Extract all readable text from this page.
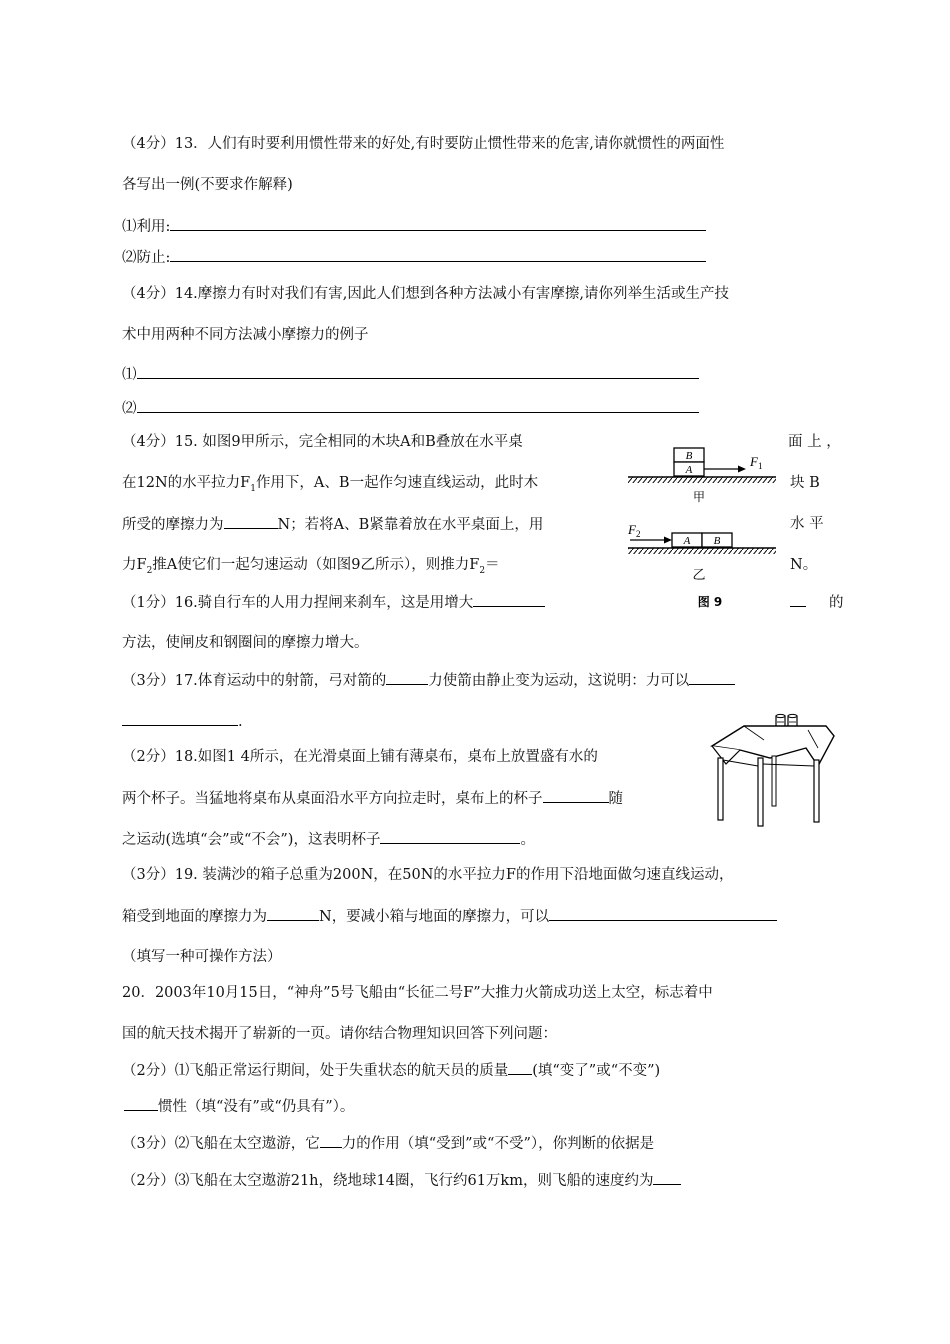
（4分）13．人们有时要利用惯性带来的好处,有时要防止惯性带来的危害,请你就惯性的两面性
各写出一例(不要求作解释)
⑴利用:
⑵防止:
（4分）14.摩擦力有时对我们有害,因此人们想到各种方法减小有害摩擦,请你列举生活或生产技
术中用两种不同方法减小摩擦力的例子
⑴
⑵
（4分）15. 如图9甲所示，完全相同的木块A和B叠放在水平桌	面 上 ，
在12N的水平拉力$F_1$作用下，A、B一起作匀速直线运动，此时木	块 B
所受的摩擦力为	N；若将A、B紧靠着放在水平桌面上，用	水 平
力$F_2$推A使它们一起匀速运动（如图9乙所示），则推力$F_2=$	N。
B
A
$F_1$
甲
$F_2$
A B
乙
图 9
（1分）16.骑自行车的人用力捏闸来刹车，这是用增大	的
方法，使闸皮和钢圈间的摩擦力增大。
（3分）17.体育运动中的射箭，弓对箭的	力使箭由静止变为运动，这说明：力可以
.
（2分）18.如图1 4所示，在光滑桌面上铺有薄桌布，桌布上放置盛有水的
两个杯子。当猛地将桌布从桌面沿水平方向拉走时，桌布上的杯子	随
之运动(选填“会”或“不会”)，这表明杯子	。
（3分）19. 装满沙的箱子总重为200N，在50N的水平拉力F的作用下沿地面做匀速直线运动，
箱受到地面的摩擦力为	N，要减小箱与地面的摩擦力，可以
（填写一种可操作方法）
20．2003年10月15日，“神舟”5号飞船由“长征二号F”大推力火箭成功送上太空，标志着中
国的航天技术揭开了崭新的一页。请你结合物理知识回答下列问题：
（2分）⑴飞船正常运行期间，处于失重状态的航天员的质量 (填“变了”或“不变”)
惯性（填“没有”或“仍具有”）。
（3分）⑵飞船在太空遨游，它 力的作用（填“受到”或“不受”），你判断的依据是
（2分）⑶飞船在太空遨游21h，绕地球14圈，飞行约61万km，则飞船的速度约为
